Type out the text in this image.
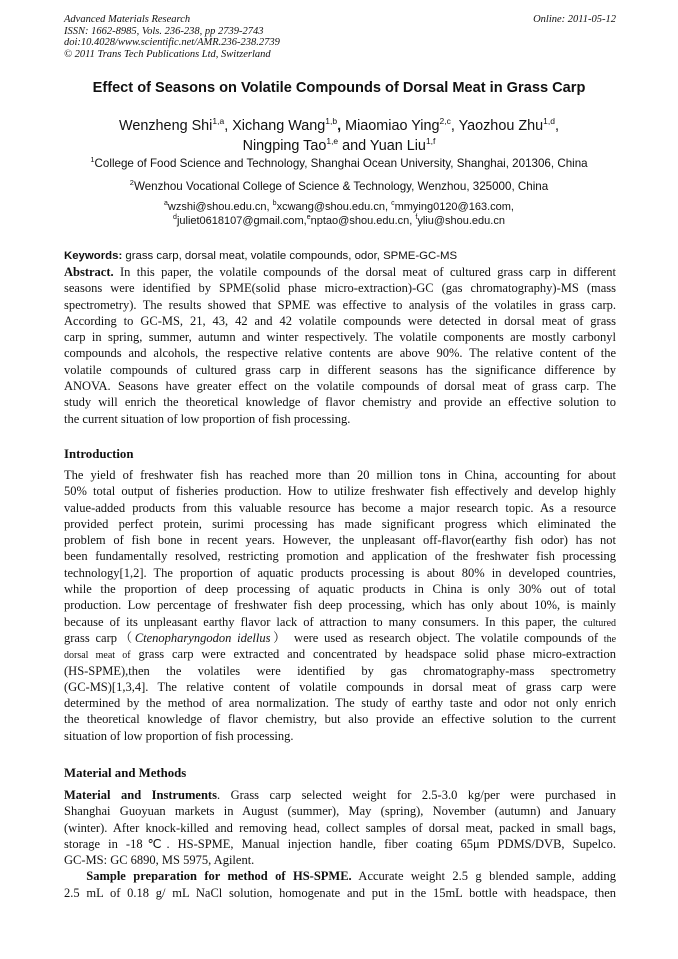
Advanced Materials Research
ISSN: 1662-8985, Vols. 236-238, pp 2739-2743
doi:10.4028/www.scientific.net/AMR.236-238.2739
© 2011 Trans Tech Publications Ltd, Switzerland
Online: 2011-05-12
Effect of Seasons on Volatile Compounds of Dorsal Meat in Grass Carp
Wenzheng Shi$^{1,a}$, Xichang Wang$^{1,b}$, Miaomiao Ying$^{2,c}$, Yaozhou Zhu$^{1,d}$,
Ningping Tao$^{1,e}$ and Yuan Liu$^{1,f}$
$^1$College of Food Science and Technology, Shanghai Ocean University, Shanghai, 201306, China
$^2$Wenzhou Vocational College of Science & Technology, Wenzhou, 325000, China
$^a$wzshi@shou.edu.cn, $^b$xcwang@shou.edu.cn, $^c$mmying0120@163.com,
$^d$juliet0618107@gmail.com,$^e$nptao@shou.edu.cn, $^f$yliu@shou.edu.cn
Keywords: grass carp, dorsal meat, volatile compounds, odor, SPME-GC-MS
Abstract. In this paper, the volatile compounds of the dorsal meat of cultured grass carp in different
seasons were identified by SPME(solid phase micro-extraction)-GC (gas chromatography)-MS (mass
spectrometry). The results showed that SPME was effective to analysis of the volatiles in grass carp.
According to GC-MS, 21, 43, 42 and 42 volatile compounds were detected in dorsal meat of grass
carp in spring, summer, autumn and winter respectively. The volatile components are mostly carbonyl
compounds and alcohols, the respective relative contents are above 90%. The relative content of the
volatile compounds of cultured grass carp in different seasons has the significance difference by
ANOVA. Seasons have greater effect on the volatile compounds of dorsal meat of grass carp. The
study will enrich the theoretical knowledge of flavor chemistry and provide an effective solution to
the current situation of low proportion of fish processing.
Introduction
The yield of freshwater fish has reached more than 20 million tons in China, accounting for about
50% total output of fisheries production. How to utilize freshwater fish effectively and develop highly
value-added products from this valuable resource has become a major research topic. As a resource
provided perfect protein, surimi processing has made significant progress which eliminated the
problem of fish bone in recent years. However, the unpleasant off-flavor(earthy fish odor) has not
been fundamentally resolved, restricting promotion and application of the freshwater fish processing
technology[1,2]. The proportion of aquatic products processing is about 80% in developed countries,
while the proportion of deep processing of aquatic products in China is only 30% out of total
production. Low percentage of freshwater fish deep processing, which has only about 10%, is mainly
because of its unpleasant earthy flavor lack of attraction to many consumers. In this paper, the cultured
grass carp（Ctenopharyngodon idellus） were used as research object. The volatile compounds of the
dorsal meat of grass carp were extracted and concentrated by headspace solid phase micro-extraction
(HS-SPME),then the volatiles were identified by gas chromatography-mass spectrometry
(GC-MS)[1,3,4]. The relative content of volatile compounds in dorsal meat of grass carp were
determined by the method of area normalization. The study of earthy taste and odor not only enrich
the theoretical knowledge of flavor chemistry, but also provide an effective solution to the current
situation of low proportion of fish processing.
Material and Methods
Material and Instruments. Grass carp selected weight for 2.5-3.0 kg/per were purchased in
Shanghai Guoyuan markets in August (summer), May (spring), November (autumn) and January
(winter). After knock-killed and removing head, collect samples of dorsal meat, packed in small bags,
storage in -18℃. HS-SPME, Manual injection handle, fiber coating 65μm PDMS/DVB, Supelco.
GC-MS: GC 6890, MS 5975, Agilent.
Sample preparation for method of HS-SPME. Accurate weight 2.5 g blended sample, adding
2.5 mL of 0.18 g/ mL NaCl solution, homogenate and put in the 15mL bottle with headspace, then
